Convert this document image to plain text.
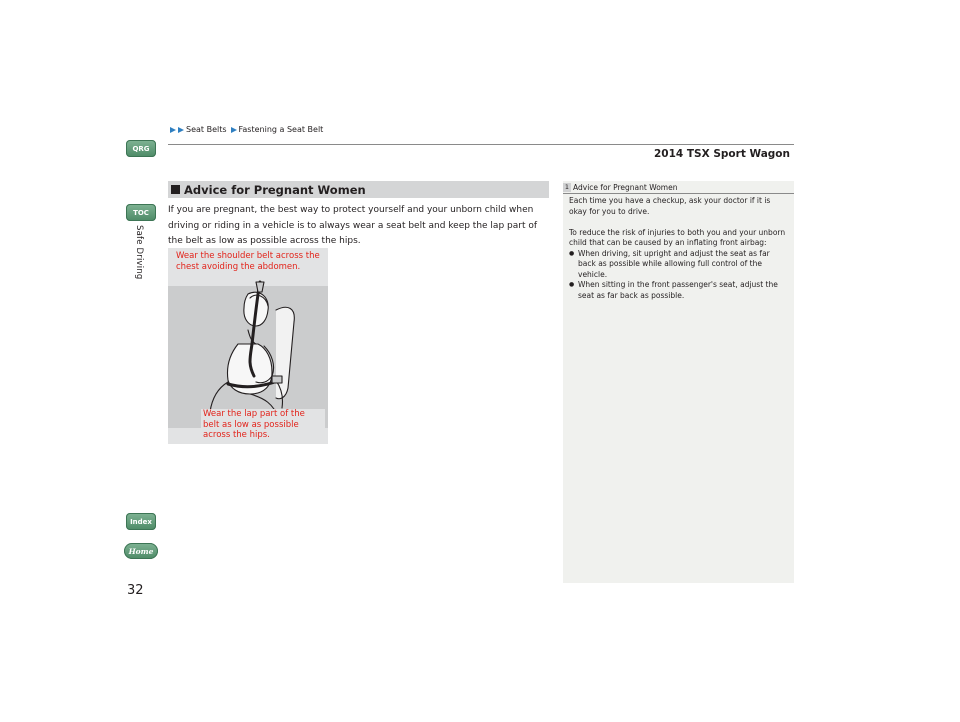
Seat Belts Fastening a Seat Belt
2014 TSX Sport Wagon
QRG
TOC
Safe Driving
Index
Home
32
Advice for Pregnant Women
If you are pregnant, the best way to protect yourself and your unborn child when driving or riding in a vehicle is to always wear a seat belt and keep the lap part of the belt as low as possible across the hips.
Wear the shoulder belt across the chest avoiding the abdomen.
Wear the lap part of the belt as low as possible across the hips.
1 Advice for Pregnant Women

Each time you have a checkup, ask your doctor if it is okay for you to drive.

To reduce the risk of injuries to both you and your unborn child that can be caused by an inflating front airbag:

● When driving, sit upright and adjust the seat as far back as possible while allowing full control of the vehicle.
● When sitting in the front passenger's seat, adjust the seat as far back as possible.
